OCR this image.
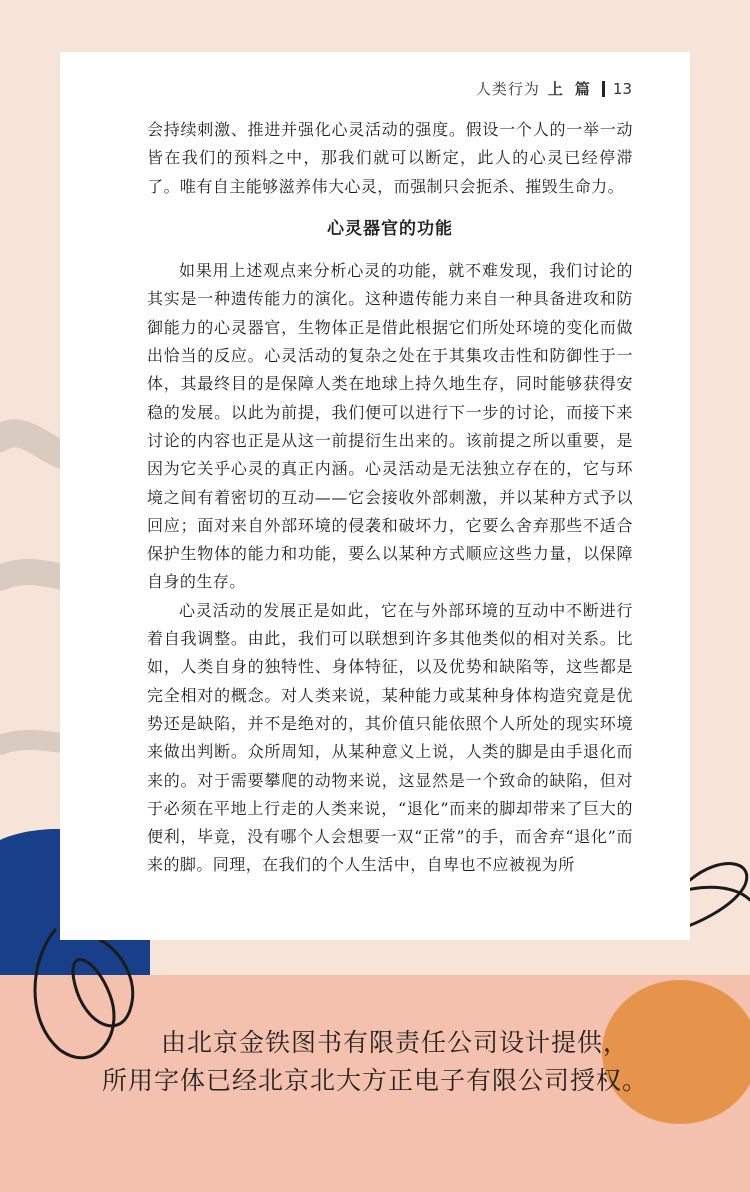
人类行为 上篇 13

会持续刺激、推进并强化心灵活动的强度。假设一个人的一举一动皆在我们的预料之中，那我们就可以断定，此人的心灵已经停滞了。唯有自主能够滋养伟大心灵，而强制只会扼杀、摧毁生命力。

心灵器官的功能

如果用上述观点来分析心灵的功能，就不难发现，我们讨论的其实是一种遗传能力的演化。这种遗传能力来自一种具备进攻和防御能力的心灵器官，生物体正是借此根据它们所处环境的变化而做出恰当的反应。心灵活动的复杂之处在于其集攻击性和防御性于一体，其最终目的是保障人类在地球上持久地生存，同时能够获得安稳的发展。以此为前提，我们便可以进行下一步的讨论，而接下来讨论的内容也正是从这一前提衍生出来的。该前提之所以重要，是因为它关乎心灵的真正内涵。心灵活动是无法独立存在的，它与环境之间有着密切的互动——它会接收外部刺激，并以某种方式予以回应；面对来自外部环境的侵袭和破坏力，它要么舍弃那些不适合保护生物体的能力和功能，要么以某种方式顺应这些力量，以保障自身的生存。

心灵活动的发展正是如此，它在与外部环境的互动中不断进行着自我调整。由此，我们可以联想到许多其他类似的相对关系。比如，人类自身的独特性、身体特征，以及优势和缺陷等，这些都是完全相对的概念。对人类来说，某种能力或某种身体构造究竟是优势还是缺陷，并不是绝对的，其价值只能依照个人所处的现实环境来做出判断。众所周知，从某种意义上说，人类的脚是由手退化而来的。对于需要攀爬的动物来说，这显然是一个致命的缺陷，但对于必须在平地上行走的人类来说，“退化”而来的脚却带来了巨大的便利，毕竟，没有哪个人会想要一双“正常”的手，而舍弃“退化”而来的脚。同理，在我们的个人生活中，自卑也不应被视为所

由北京金铁图书有限责任公司设计提供，

所用字体已经北京北大方正电子有限公司授权。
